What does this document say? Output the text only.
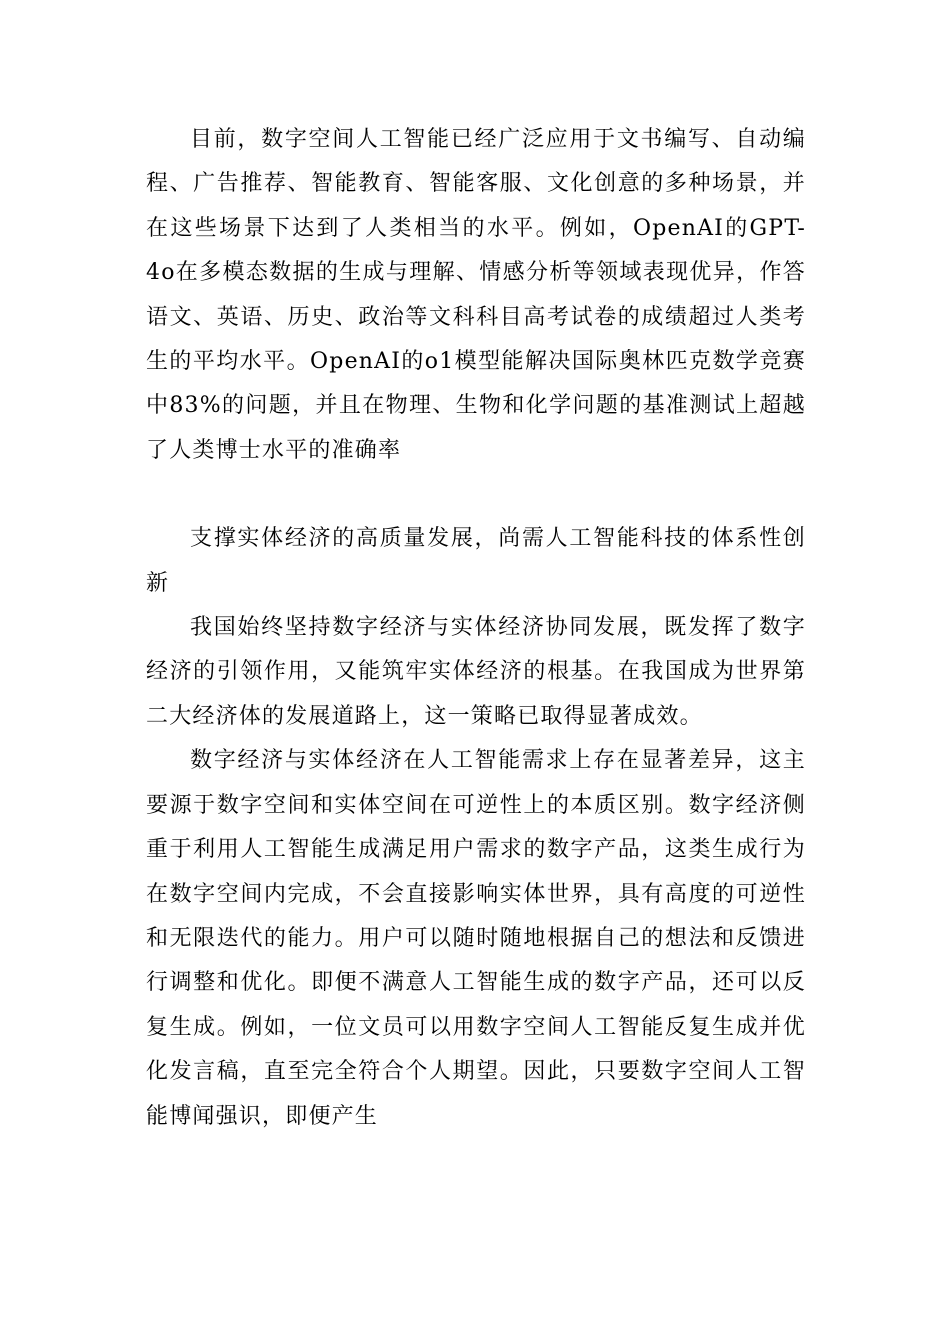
目前，数字空间人工智能已经广泛应用于文书编写、自动编程、广告推荐、智能教育、智能客服、文化创意的多种场景，并在这些场景下达到了人类相当的水平。例如，OpenAI的GPT-4o在多模态数据的生成与理解、情感分析等领域表现优异，作答语文、英语、历史、政治等文科科目高考试卷的成绩超过人类考生的平均水平。OpenAI的o1模型能解决国际奥林匹克数学竞赛中83%的问题，并且在物理、生物和化学问题的基准测试上超越了人类博士水平的准确率

支撑实体经济的高质量发展，尚需人工智能科技的体系性创新

我国始终坚持数字经济与实体经济协同发展，既发挥了数字经济的引领作用，又能筑牢实体经济的根基。在我国成为世界第二大经济体的发展道路上，这一策略已取得显著成效。

数字经济与实体经济在人工智能需求上存在显著差异，这主要源于数字空间和实体空间在可逆性上的本质区别。数字经济侧重于利用人工智能生成满足用户需求的数字产品，这类生成行为在数字空间内完成，不会直接影响实体世界，具有高度的可逆性和无限迭代的能力。用户可以随时随地根据自己的想法和反馈进行调整和优化。即便不满意人工智能生成的数字产品，还可以反复生成。例如，一位文员可以用数字空间人工智能反复生成并优化发言稿，直至完全符合个人期望。因此，只要数字空间人工智能博闻强识，即便产生
